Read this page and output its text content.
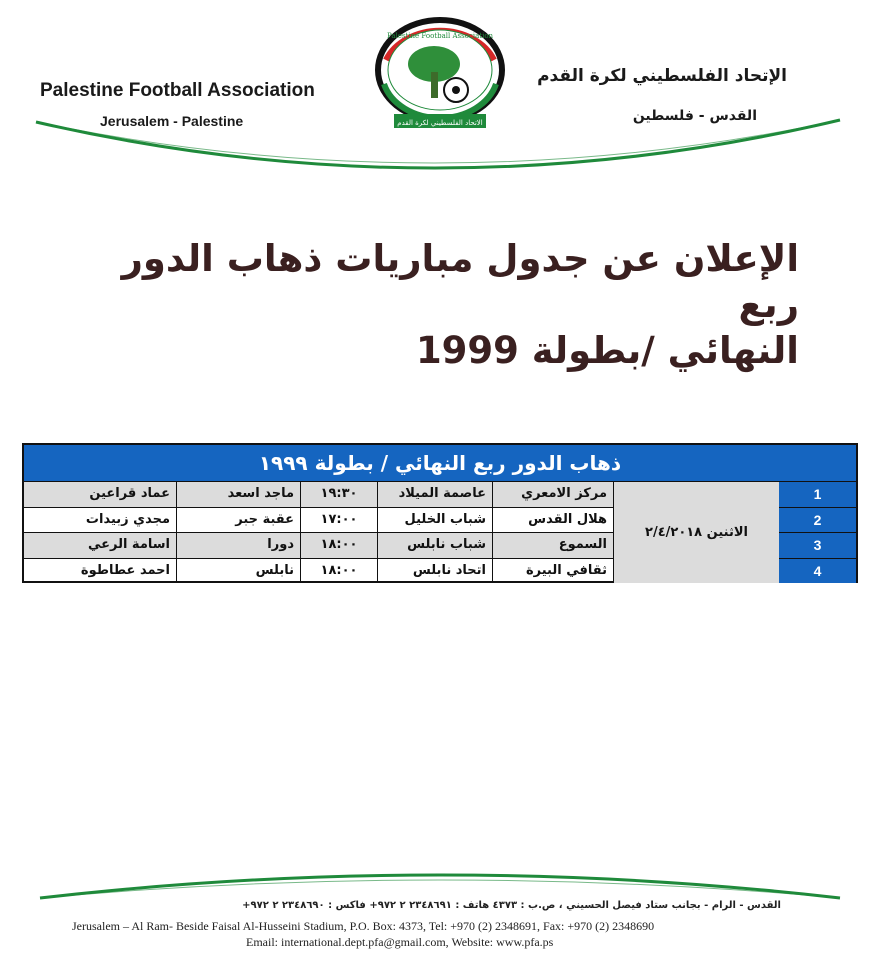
Palestine Football Association
Jerusalem - Palestine
الإتحاد الفلسطيني لكرة القدم
القدس - فلسطين
الاتحاد الفلسطيني لكرة القدم
Palestine Football Association
الإعلان عن جدول مباريات ذهاب الدور ربع
النهائي /بطولة 1999
ذهاب الدور ربع النهائي / بطولة ١٩٩٩
الاثنين ٢/٤/٢٠١٨
1
مركز الامعري
عاصمة الميلاد
١٩:٣٠
ماجد اسعد
عماد قراعين
2
هلال القدس
شباب الخليل
١٧:٠٠
عقبة جبر
مجدي زبيدات
3
السموع
شباب نابلس
١٨:٠٠
دورا
اسامة الرعي
4
ثقافي البيرة
اتحاد نابلس
١٨:٠٠
نابلس
احمد عطاطوة
القدس - الرام - بجانب ستاد فيصل الحسيني ، ص.ب : ٤٣٧٣ هاتف : ٢٣٤٨٦٩١ ٢ ٩٧٢+ فاكس : ٢٣٤٨٦٩٠ ٢ ٩٧٢+
Jerusalem – Al Ram- Beside Faisal Al-Husseini Stadium, P.O. Box: 4373, Tel: +970 (2) 2348691, Fax: +970 (2) 2348690
Email: international.dept.pfa@gmail.com, Website: www.pfa.ps
